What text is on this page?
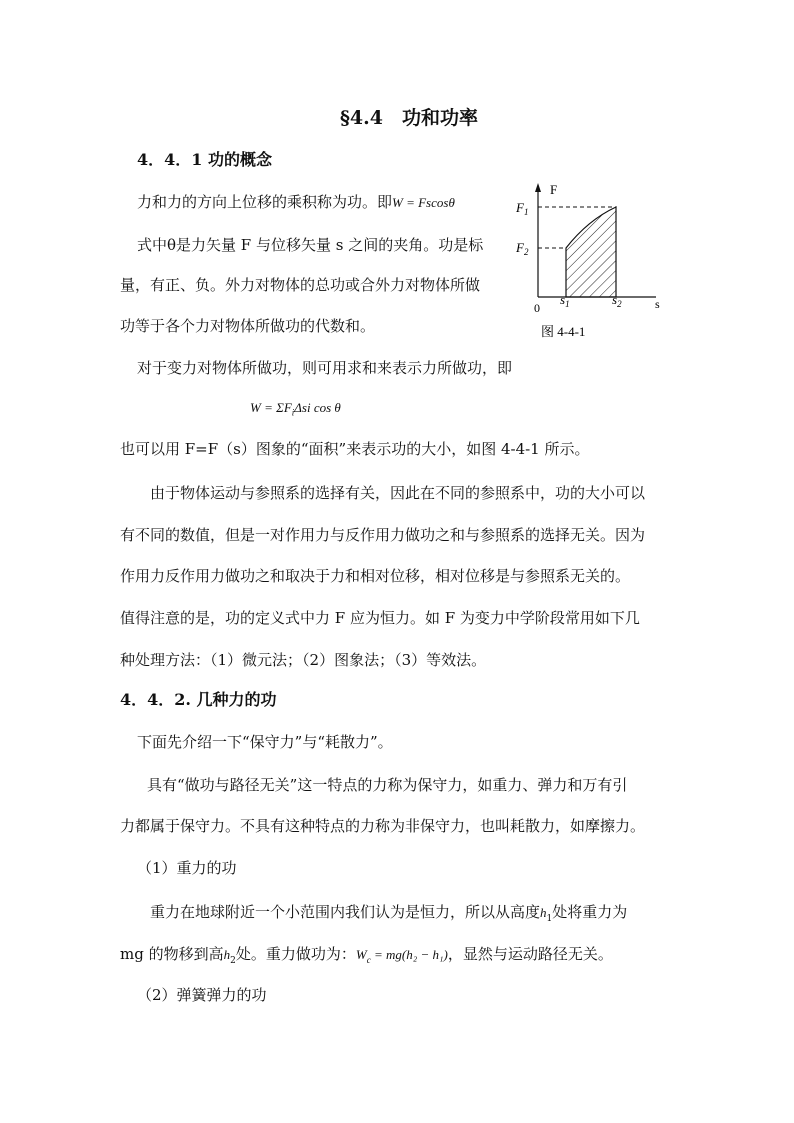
§4.4　功和功率
4．4．1 功的概念
力和力的方向上位移的乘积称为功。即W = Fscosθ
式中θ是力矢量 F 与位移矢量 s 之间的夹角。功是标
量，有正、负。外力对物体的总功或合外力对物体所做
功等于各个力对物体所做功的代数和。
F
$F_1$
$F_2$
0
$s_1$	$s_2$	s
图 4-4-1
对于变力对物体所做功，则可用求和来表示力所做功，即
$W = \Sigma F_i\Delta si$ cos θ
也可以用 F=F（s）图象的“面积”来表示功的大小，如图 4-4-1 所示。
由于物体运动与参照系的选择有关，因此在不同的参照系中，功的大小可以
有不同的数值，但是一对作用力与反作用力做功之和与参照系的选择无关。因为
作用力反作用力做功之和取决于力和相对位移，相对位移是与参照系无关的。
值得注意的是，功的定义式中力 F 应为恒力。如 F 为变力中学阶段常用如下几
种处理方法：（1）微元法；（2）图象法；（3）等效法。
4．4．2. 几种力的功
下面先介绍一下“保守力”与“耗散力”。
具有“做功与路径无关”这一特点的力称为保守力，如重力、弹力和万有引
力都属于保守力。不具有这种特点的力称为非保守力，也叫耗散力，如摩擦力。
（1）重力的功
重力在地球附近一个小范围内我们认为是恒力，所以从高度$h_1$处将重力为
mg 的物移到高$h_2$处。重力做功为：$W_c = mg(h_2 - h_1)$，显然与运动路径无关。
（2）弹簧弹力的功
